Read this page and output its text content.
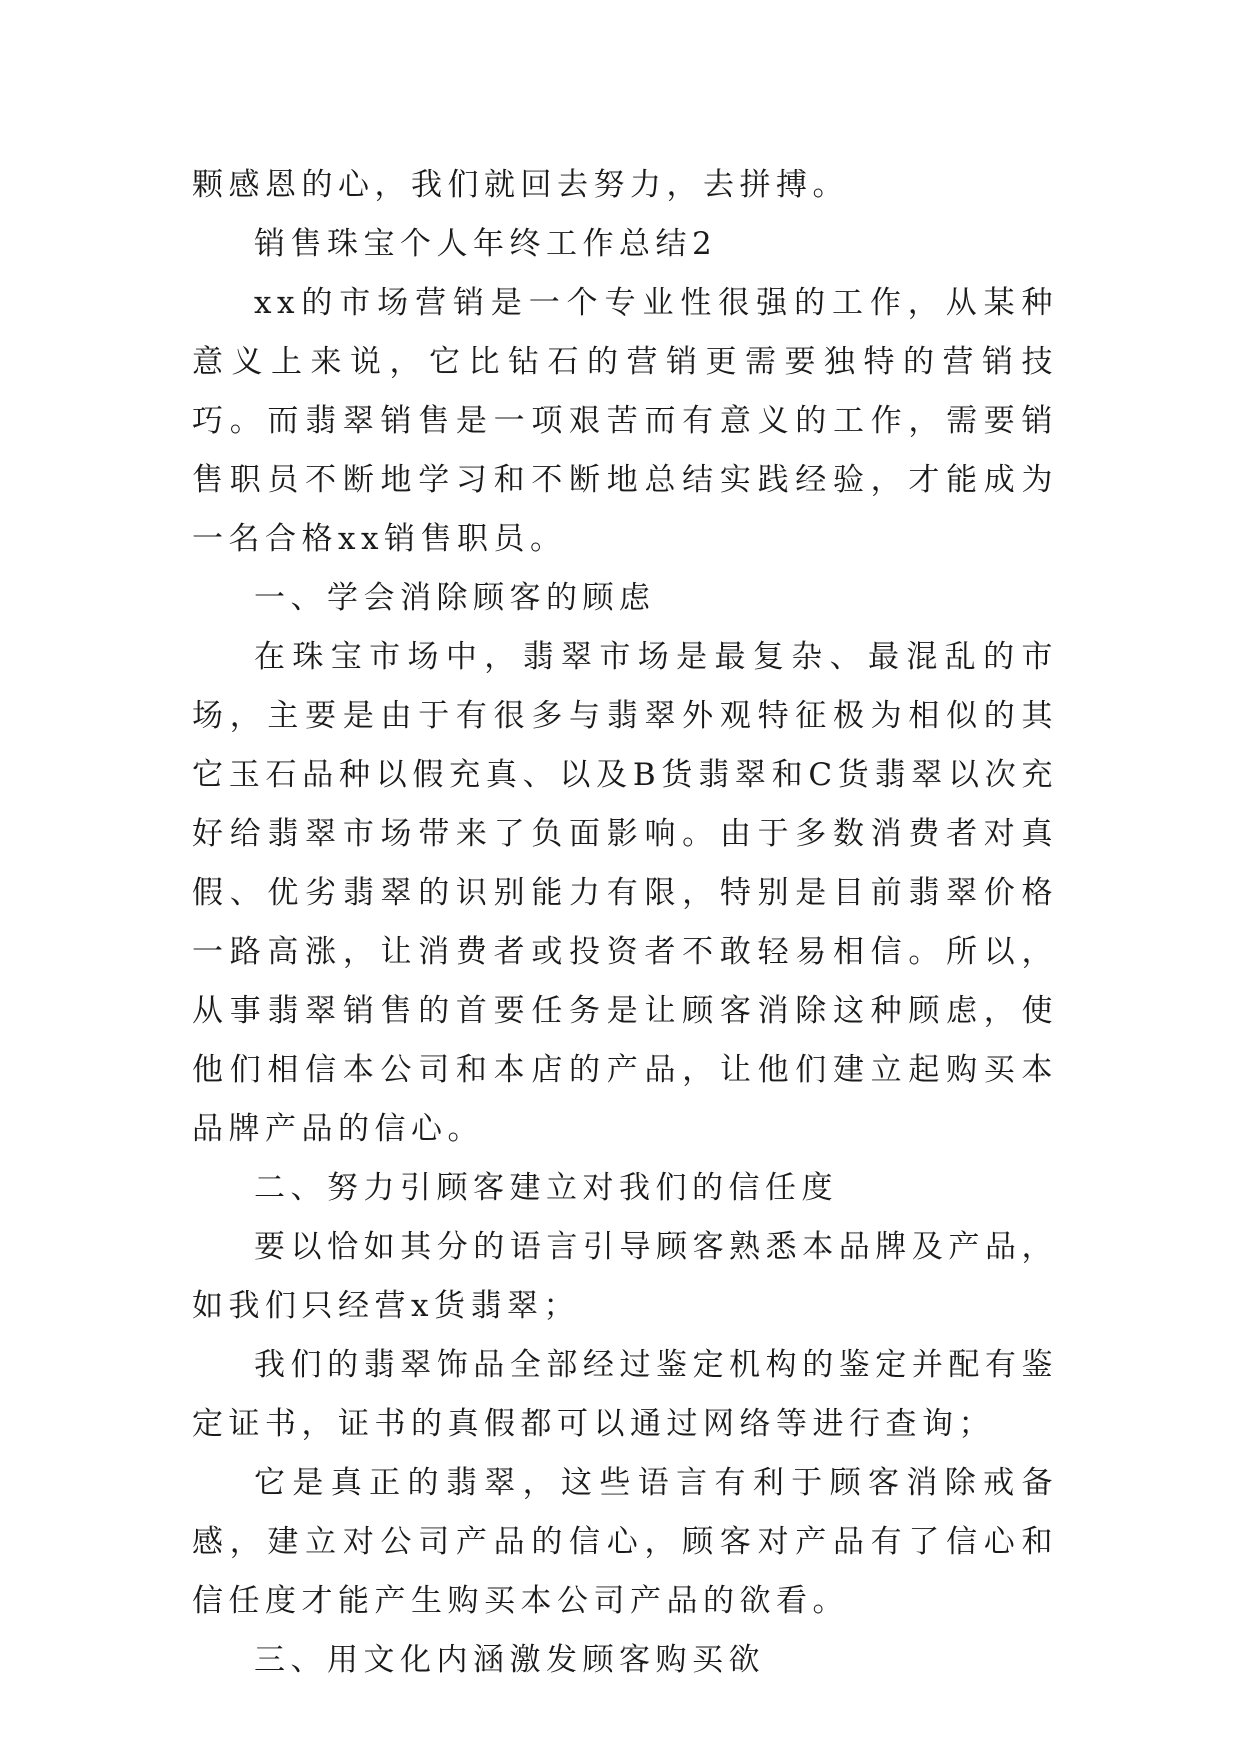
颗感恩的心，我们就回去努力，去拼搏。

销售珠宝个人年终工作总结2

xx的市场营销是一个专业性很强的工作，从某种意义上来说，它比钻石的营销更需要独特的营销技巧。而翡翠销售是一项艰苦而有意义的工作，需要销售职员不断地学习和不断地总结实践经验，才能成为一名合格xx销售职员。

一、学会消除顾客的顾虑

在珠宝市场中，翡翠市场是最复杂、最混乱的市场，主要是由于有很多与翡翠外观特征极为相似的其它玉石品种以假充真、以及B货翡翠和C货翡翠以次充好给翡翠市场带来了负面影响。由于多数消费者对真假、优劣翡翠的识别能力有限，特别是目前翡翠价格一路高涨，让消费者或投资者不敢轻易相信。所以，从事翡翠销售的首要任务是让顾客消除这种顾虑，使他们相信本公司和本店的产品，让他们建立起购买本品牌产品的信心。

二、努力引顾客建立对我们的信任度

要以恰如其分的语言引导顾客熟悉本品牌及产品，如我们只经营x货翡翠；

我们的翡翠饰品全部经过鉴定机构的鉴定并配有鉴定证书，证书的真假都可以通过网络等进行查询；

它是真正的翡翠，这些语言有利于顾客消除戒备感，建立对公司产品的信心，顾客对产品有了信心和信任度才能产生购买本公司产品的欲看。

三、用文化内涵激发顾客购买欲
